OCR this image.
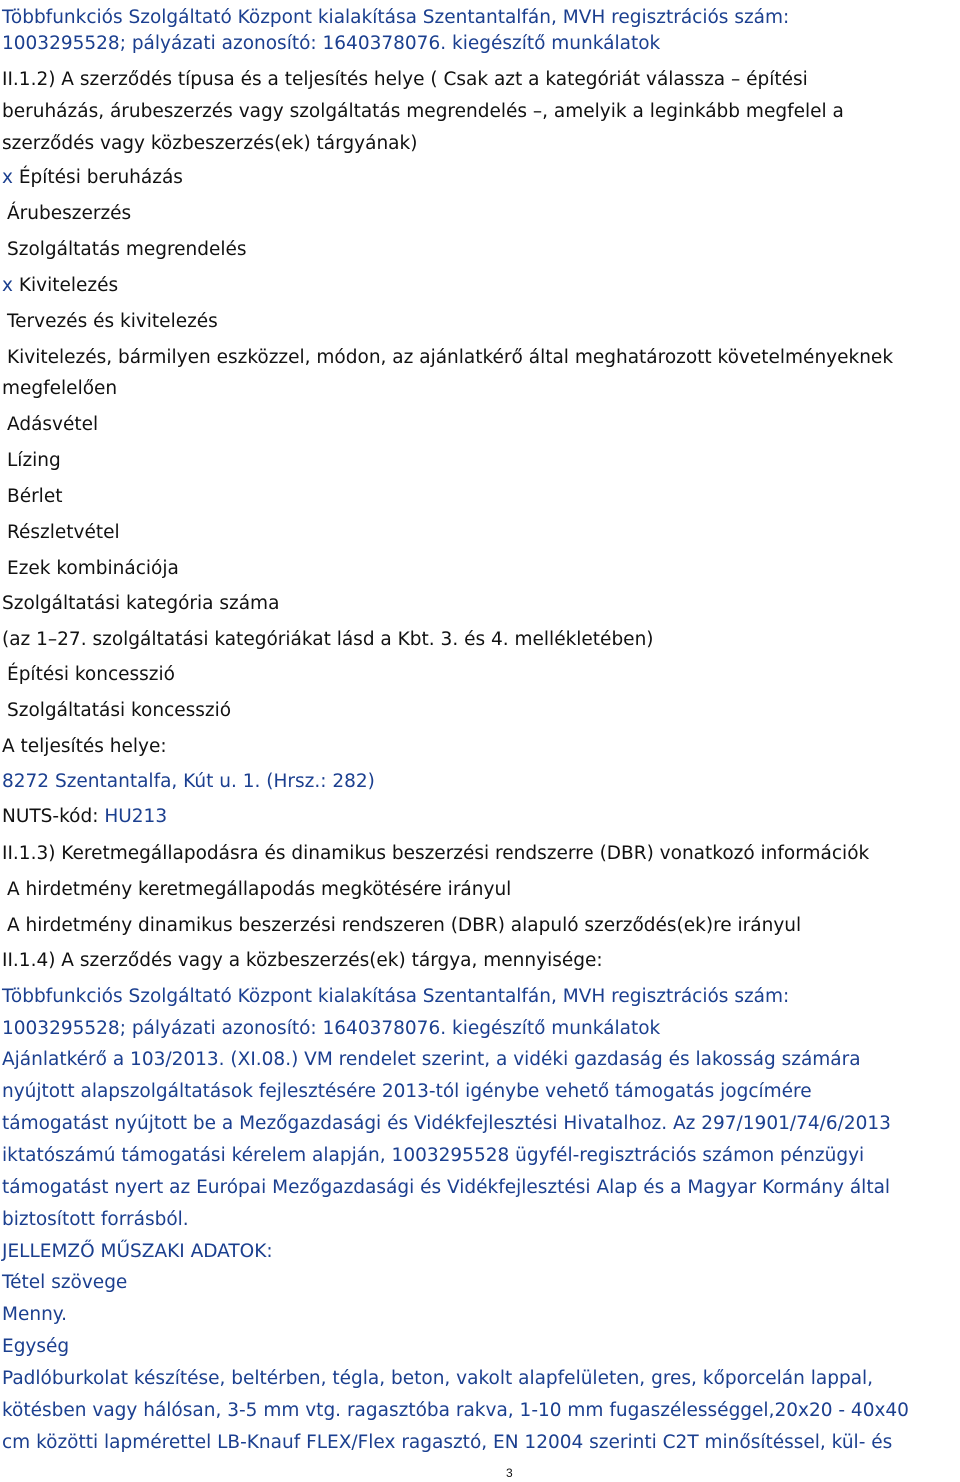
Többfunkciós Szolgáltató Központ kialakítása Szentantalfán, MVH regisztrációs szám:
1003295528; pályázati azonosító: 1640378076. kiegészítő munkálatok
II.1.2) A szerződés típusa és a teljesítés helye ( Csak azt a kategóriát válassza – építési
beruházás, árubeszerzés vagy szolgáltatás megrendelés –, amelyik a leginkább megfelel a
szerződés vagy közbeszerzés(ek) tárgyának)
x Építési beruházás
Árubeszerzés
Szolgáltatás megrendelés
x Kivitelezés
Tervezés és kivitelezés
Kivitelezés, bármilyen eszközzel, módon, az ajánlatkérő által meghatározott követelményeknek
megfelelően
Adásvétel
Lízing
Bérlet
Részletvétel
Ezek kombinációja
Szolgáltatási kategória száma
(az 1–27. szolgáltatási kategóriákat lásd a Kbt. 3. és 4. mellékletében)
Építési koncesszió
Szolgáltatási koncesszió
A teljesítés helye:
8272 Szentantalfa, Kút u. 1. (Hrsz.: 282)
NUTS-kód: HU213
II.1.3) Keretmegállapodásra és dinamikus beszerzési rendszerre (DBR) vonatkozó információk
A hirdetmény keretmegállapodás megkötésére irányul
A hirdetmény dinamikus beszerzési rendszeren (DBR) alapuló szerződés(ek)re irányul
II.1.4) A szerződés vagy a közbeszerzés(ek) tárgya, mennyisége:
Többfunkciós Szolgáltató Központ kialakítása Szentantalfán, MVH regisztrációs szám:
1003295528; pályázati azonosító: 1640378076. kiegészítő munkálatok
Ajánlatkérő a 103/2013. (XI.08.) VM rendelet szerint, a vidéki gazdaság és lakosság számára
nyújtott alapszolgáltatások fejlesztésére 2013-tól igénybe vehető támogatás jogcímére
támogatást nyújtott be a Mezőgazdasági és Vidékfejlesztési Hivatalhoz. Az 297/1901/74/6/2013
iktatószámú támogatási kérelem alapján, 1003295528 ügyfél-regisztrációs számon pénzügyi
támogatást nyert az Európai Mezőgazdasági és Vidékfejlesztési Alap és a Magyar Kormány által
biztosított forrásból.
JELLEMZŐ MŰSZAKI ADATOK:
Tétel szövege
Menny.
Egység
Padlóburkolat készítése, beltérben, tégla, beton, vakolt alapfelületen, gres, kőporcelán lappal,
kötésben vagy hálósan, 3-5 mm vtg. ragasztóba rakva, 1-10 mm fugaszélességgel,20x20 - 40x40
cm közötti lapmérettel LB-Knauf FLEX/Flex ragasztó, EN 12004 szerinti C2T minősítéssel, kül- és
3
